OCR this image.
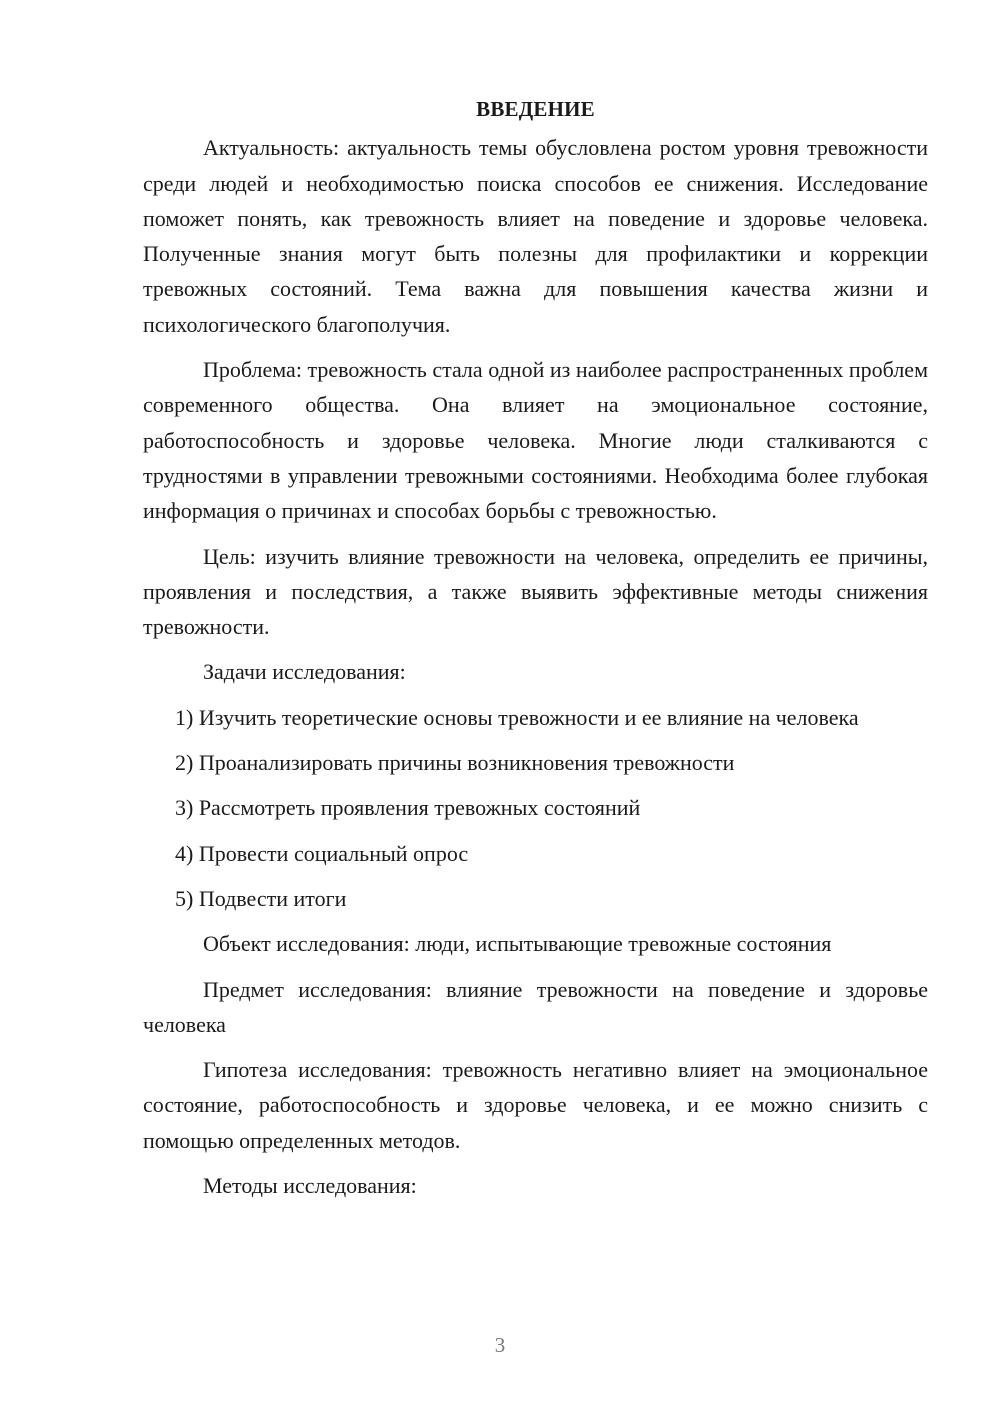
ВВЕДЕНИЕ

Актуальность: актуальность темы обусловлена ростом уровня тревожности среди людей и необходимостью поиска способов ее снижения. Исследование поможет понять, как тревожность влияет на поведение и здоровье человека. Полученные знания могут быть полезны для профилактики и коррекции тревожных состояний. Тема важна для повышения качества жизни и психологического благополучия.

Проблема: тревожность стала одной из наиболее распространенных проблем современного общества. Она влияет на эмоциональное состояние, работоспособность и здоровье человека. Многие люди сталкиваются с трудностями в управлении тревожными состояниями. Необходима более глубокая информация о причинах и способах борьбы с тревожностью.

Цель: изучить влияние тревожности на человека, определить ее причины, проявления и последствия, а также выявить эффективные методы снижения тревожности.

Задачи исследования:

1) Изучить теоретические основы тревожности и ее влияние на человека

2) Проанализировать причины возникновения тревожности

3) Рассмотреть проявления тревожных состояний

4) Провести социальный опрос

5) Подвести итоги

Объект исследования: люди, испытывающие тревожные состояния

Предмет исследования: влияние тревожности на поведение и здоровье человека

Гипотеза исследования: тревожность негативно влияет на эмоциональное состояние, работоспособность и здоровье человека, и ее можно снизить с помощью определенных методов.

Методы исследования:

3
